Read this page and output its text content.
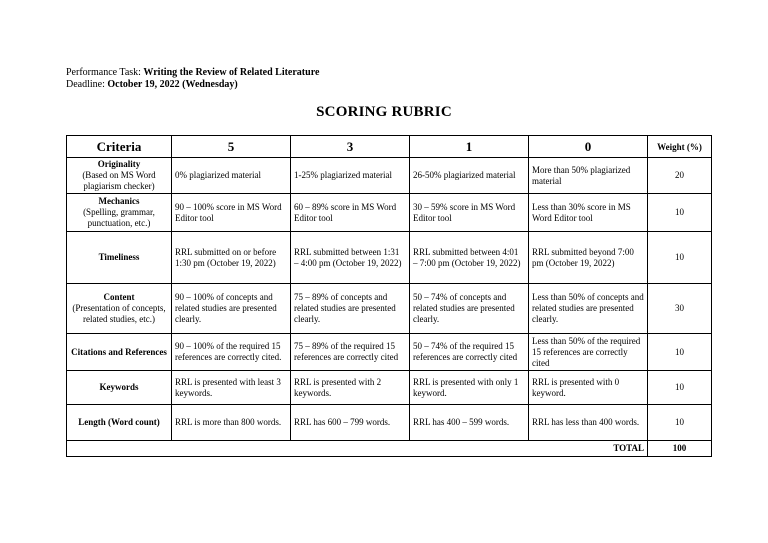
Performance Task: Writing the Review of Related Literature
Deadline: October 19, 2022 (Wednesday)
SCORING RUBRIC
Criteria	5	3	1	0	Weight (%)

Originality
(Based on MS Word plagiarism checker)	0% plagiarized material	1-25% plagiarized material	26-50% plagiarized material	More than 50% plagiarized material	20

Mechanics
(Spelling, grammar, punctuation, etc.)	90 – 100% score in MS Word Editor tool	60 – 89% score in MS Word Editor tool	30 – 59% score in MS Word Editor tool	Less than 30% score in MS Word Editor tool	10

Timeliness	RRL submitted on or before 1:30 pm (October 19, 2022)	RRL submitted between 1:31 – 4:00 pm (October 19, 2022)	RRL submitted between 4:01 – 7:00 pm (October 19, 2022)	RRL submitted beyond 7:00 pm (October 19, 2022)	10

Content
(Presentation of concepts, related studies, etc.)	90 – 100% of concepts and related studies are presented clearly.	75 – 89% of concepts and related studies are presented clearly.	50 – 74% of concepts and related studies are presented clearly.	Less than 50% of concepts and related studies are presented clearly.	30

Citations and References	90 – 100% of the required 15 references are correctly cited.	75 – 89% of the required 15 references are correctly cited	50 – 74% of the required 15 references are correctly cited	Less than 50% of the required 15 references are correctly cited	10

Keywords	RRL is presented with least 3 keywords.	RRL is presented with 2 keywords.	RRL is presented with only 1 keyword.	RRL is presented with 0 keyword.	10

Length (Word count)	RRL is more than 800 words.	RRL has 600 – 799 words.	RRL has 400 – 599 words.	RRL has less than 400 words.	10
TOTAL					100
